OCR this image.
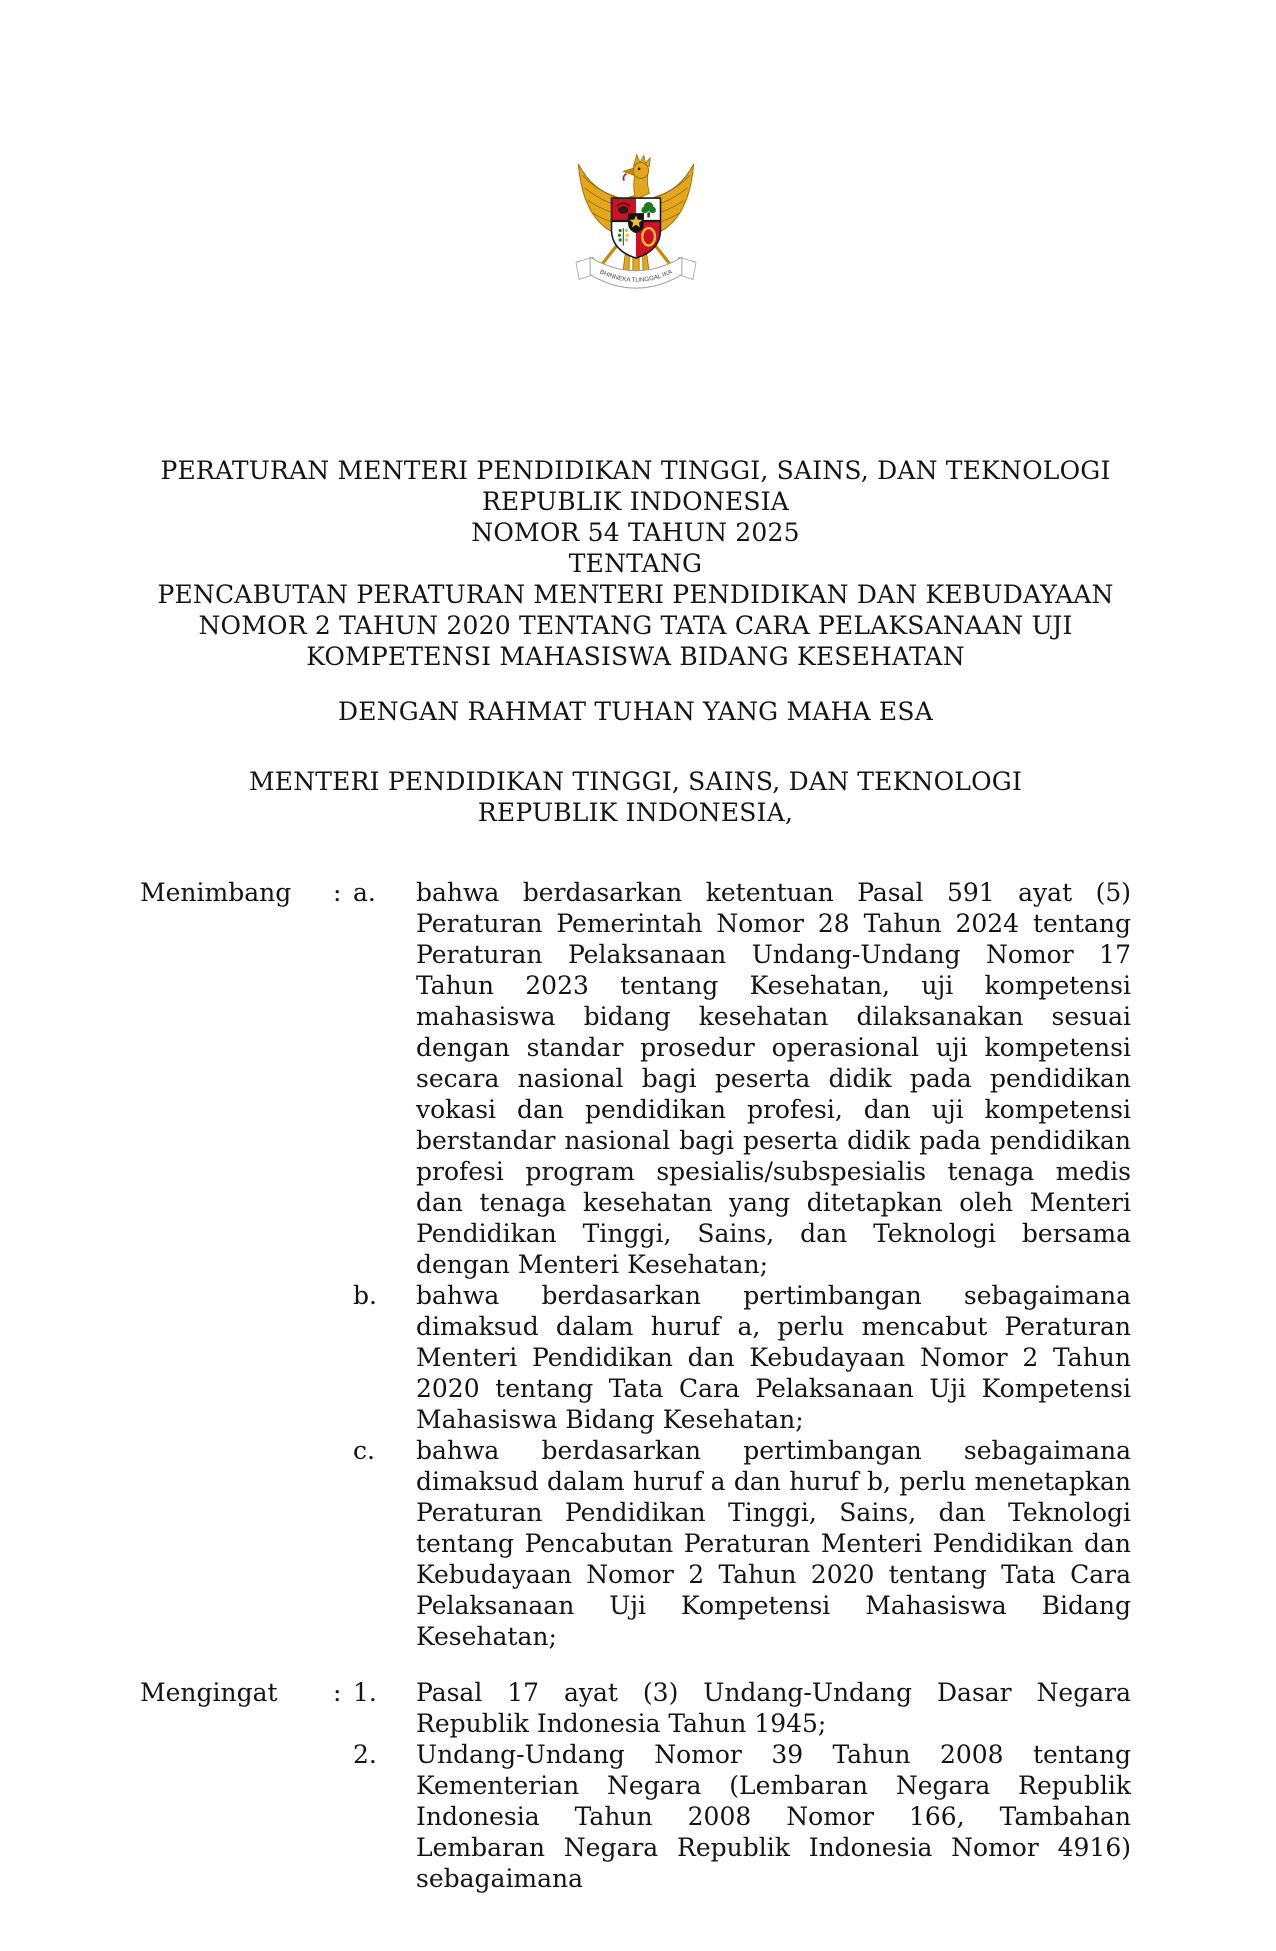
BHINNEKA TUNGGAL IKA
PERATURAN MENTERI PENDIDIKAN TINGGI, SAINS, DAN TEKNOLOGI
REPUBLIK INDONESIA
NOMOR 54 TAHUN 2025
TENTANG
PENCABUTAN PERATURAN MENTERI PENDIDIKAN DAN KEBUDAYAAN
NOMOR 2 TAHUN 2020 TENTANG TATA CARA PELAKSANAAN UJI
KOMPETENSI MAHASISWA BIDANG KESEHATAN
DENGAN RAHMAT TUHAN YANG MAHA ESA
MENTERI PENDIDIKAN TINGGI, SAINS, DAN TEKNOLOGI
REPUBLIK INDONESIA,
Menimbang	: a.	bahwa berdasarkan ketentuan Pasal 591 ayat (5) Peraturan Pemerintah Nomor 28 Tahun 2024 tentang Peraturan Pelaksanaan Undang-Undang Nomor 17 Tahun 2023 tentang Kesehatan, uji kompetensi mahasiswa bidang kesehatan dilaksanakan sesuai dengan standar prosedur operasional uji kompetensi secara nasional bagi peserta didik pada pendidikan vokasi dan pendidikan profesi, dan uji kompetensi berstandar nasional bagi peserta didik pada pendidikan profesi program spesialis/subspesialis tenaga medis dan tenaga kesehatan yang ditetapkan oleh Menteri Pendidikan Tinggi, Sains, dan Teknologi bersama dengan Menteri Kesehatan;
b.	bahwa berdasarkan pertimbangan sebagaimana dimaksud dalam huruf a, perlu mencabut Peraturan Menteri Pendidikan dan Kebudayaan Nomor 2 Tahun 2020 tentang Tata Cara Pelaksanaan Uji Kompetensi Mahasiswa Bidang Kesehatan;
c.	bahwa berdasarkan pertimbangan sebagaimana dimaksud dalam huruf a dan huruf b, perlu menetapkan Peraturan Pendidikan Tinggi, Sains, dan Teknologi tentang Pencabutan Peraturan Menteri Pendidikan dan Kebudayaan Nomor 2 Tahun 2020 tentang Tata Cara Pelaksanaan Uji Kompetensi Mahasiswa Bidang Kesehatan;
Mengingat	: 1.	Pasal 17 ayat (3) Undang-Undang Dasar Negara Republik Indonesia Tahun 1945;
2.	Undang-Undang Nomor 39 Tahun 2008 tentang Kementerian Negara (Lembaran Negara Republik Indonesia Tahun 2008 Nomor 166, Tambahan Lembaran Negara Republik Indonesia Nomor 4916) sebagaimana
